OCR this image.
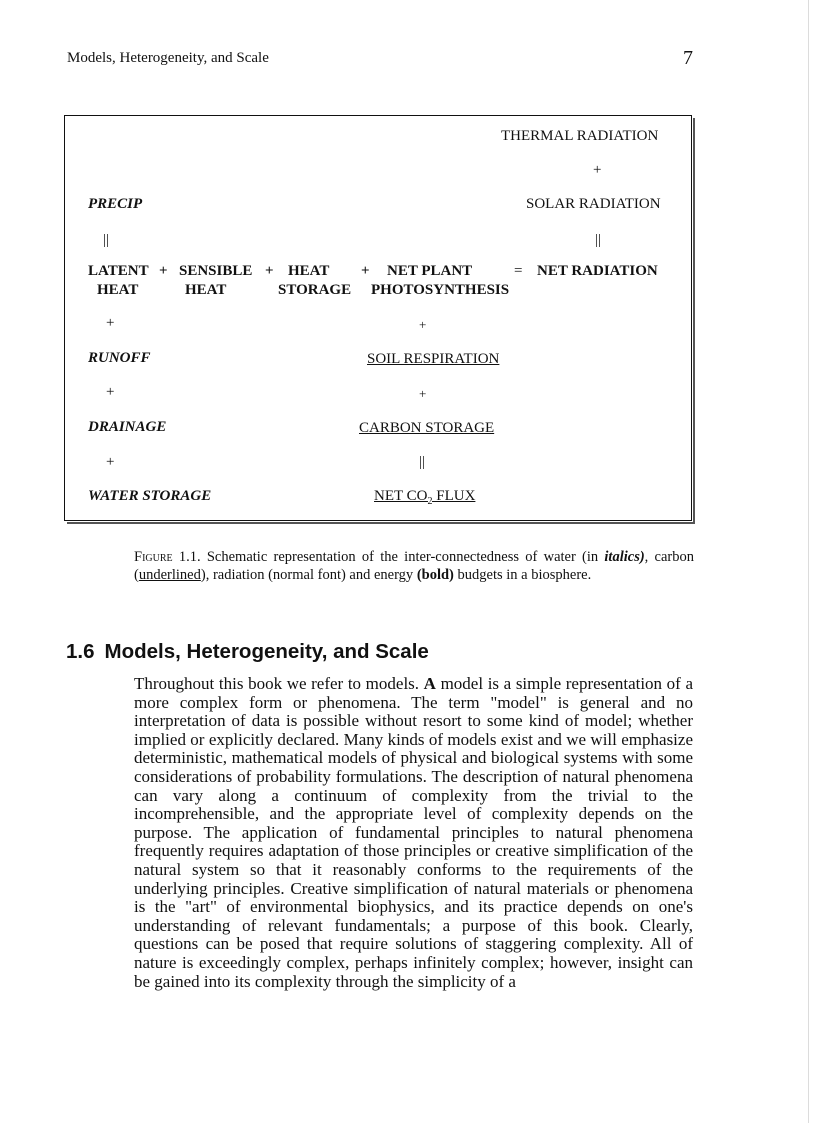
Models, Heterogeneity, and Scale	7
THERMAL RADIATION
+
SOLAR RADIATION
||
NET RADIATION
PRECIP
||
+
RUNOFF
+
DRAINAGE
+
WATER STORAGE
LATENT
HEAT
+ SENSIBLE
HEAT
+ HEAT
STORAGE
+ NET PLANT
PHOTOSYNTHESIS
=
+
SOIL RESPIRATION
+
CARBON STORAGE
||
NET $CO_2$ FLUX
Figure 1.1. Schematic representation of the inter-connectedness of water (in italics), carbon (underlined), radiation (normal font) and energy (bold) budgets in a biosphere.
1.6 Models, Heterogeneity, and Scale
Throughout this book we refer to models. A model is a simple representation of a more complex form or phenomena. The term "model" is general and no interpretation of data is possible without resort to some kind of model; whether implied or explicitly declared. Many kinds of models exist and we will emphasize deterministic, mathematical models of physical and biological systems with some considerations of probability formulations. The description of natural phenomena can vary along a continuum of complexity from the trivial to the incomprehensible, and the appropriate level of complexity depends on the purpose. The application of fundamental principles to natural phenomena frequently requires adaptation of those principles or creative simplification of the natural system so that it reasonably conforms to the requirements of the underlying principles. Creative simplification of natural materials or phenomena is the "art" of environmental biophysics, and its practice depends on one's understanding of relevant fundamentals; a purpose of this book. Clearly, questions can be posed that require solutions of staggering complexity. All of nature is exceedingly complex, perhaps infinitely complex; however, insight can be gained into its complexity through the simplicity of a
